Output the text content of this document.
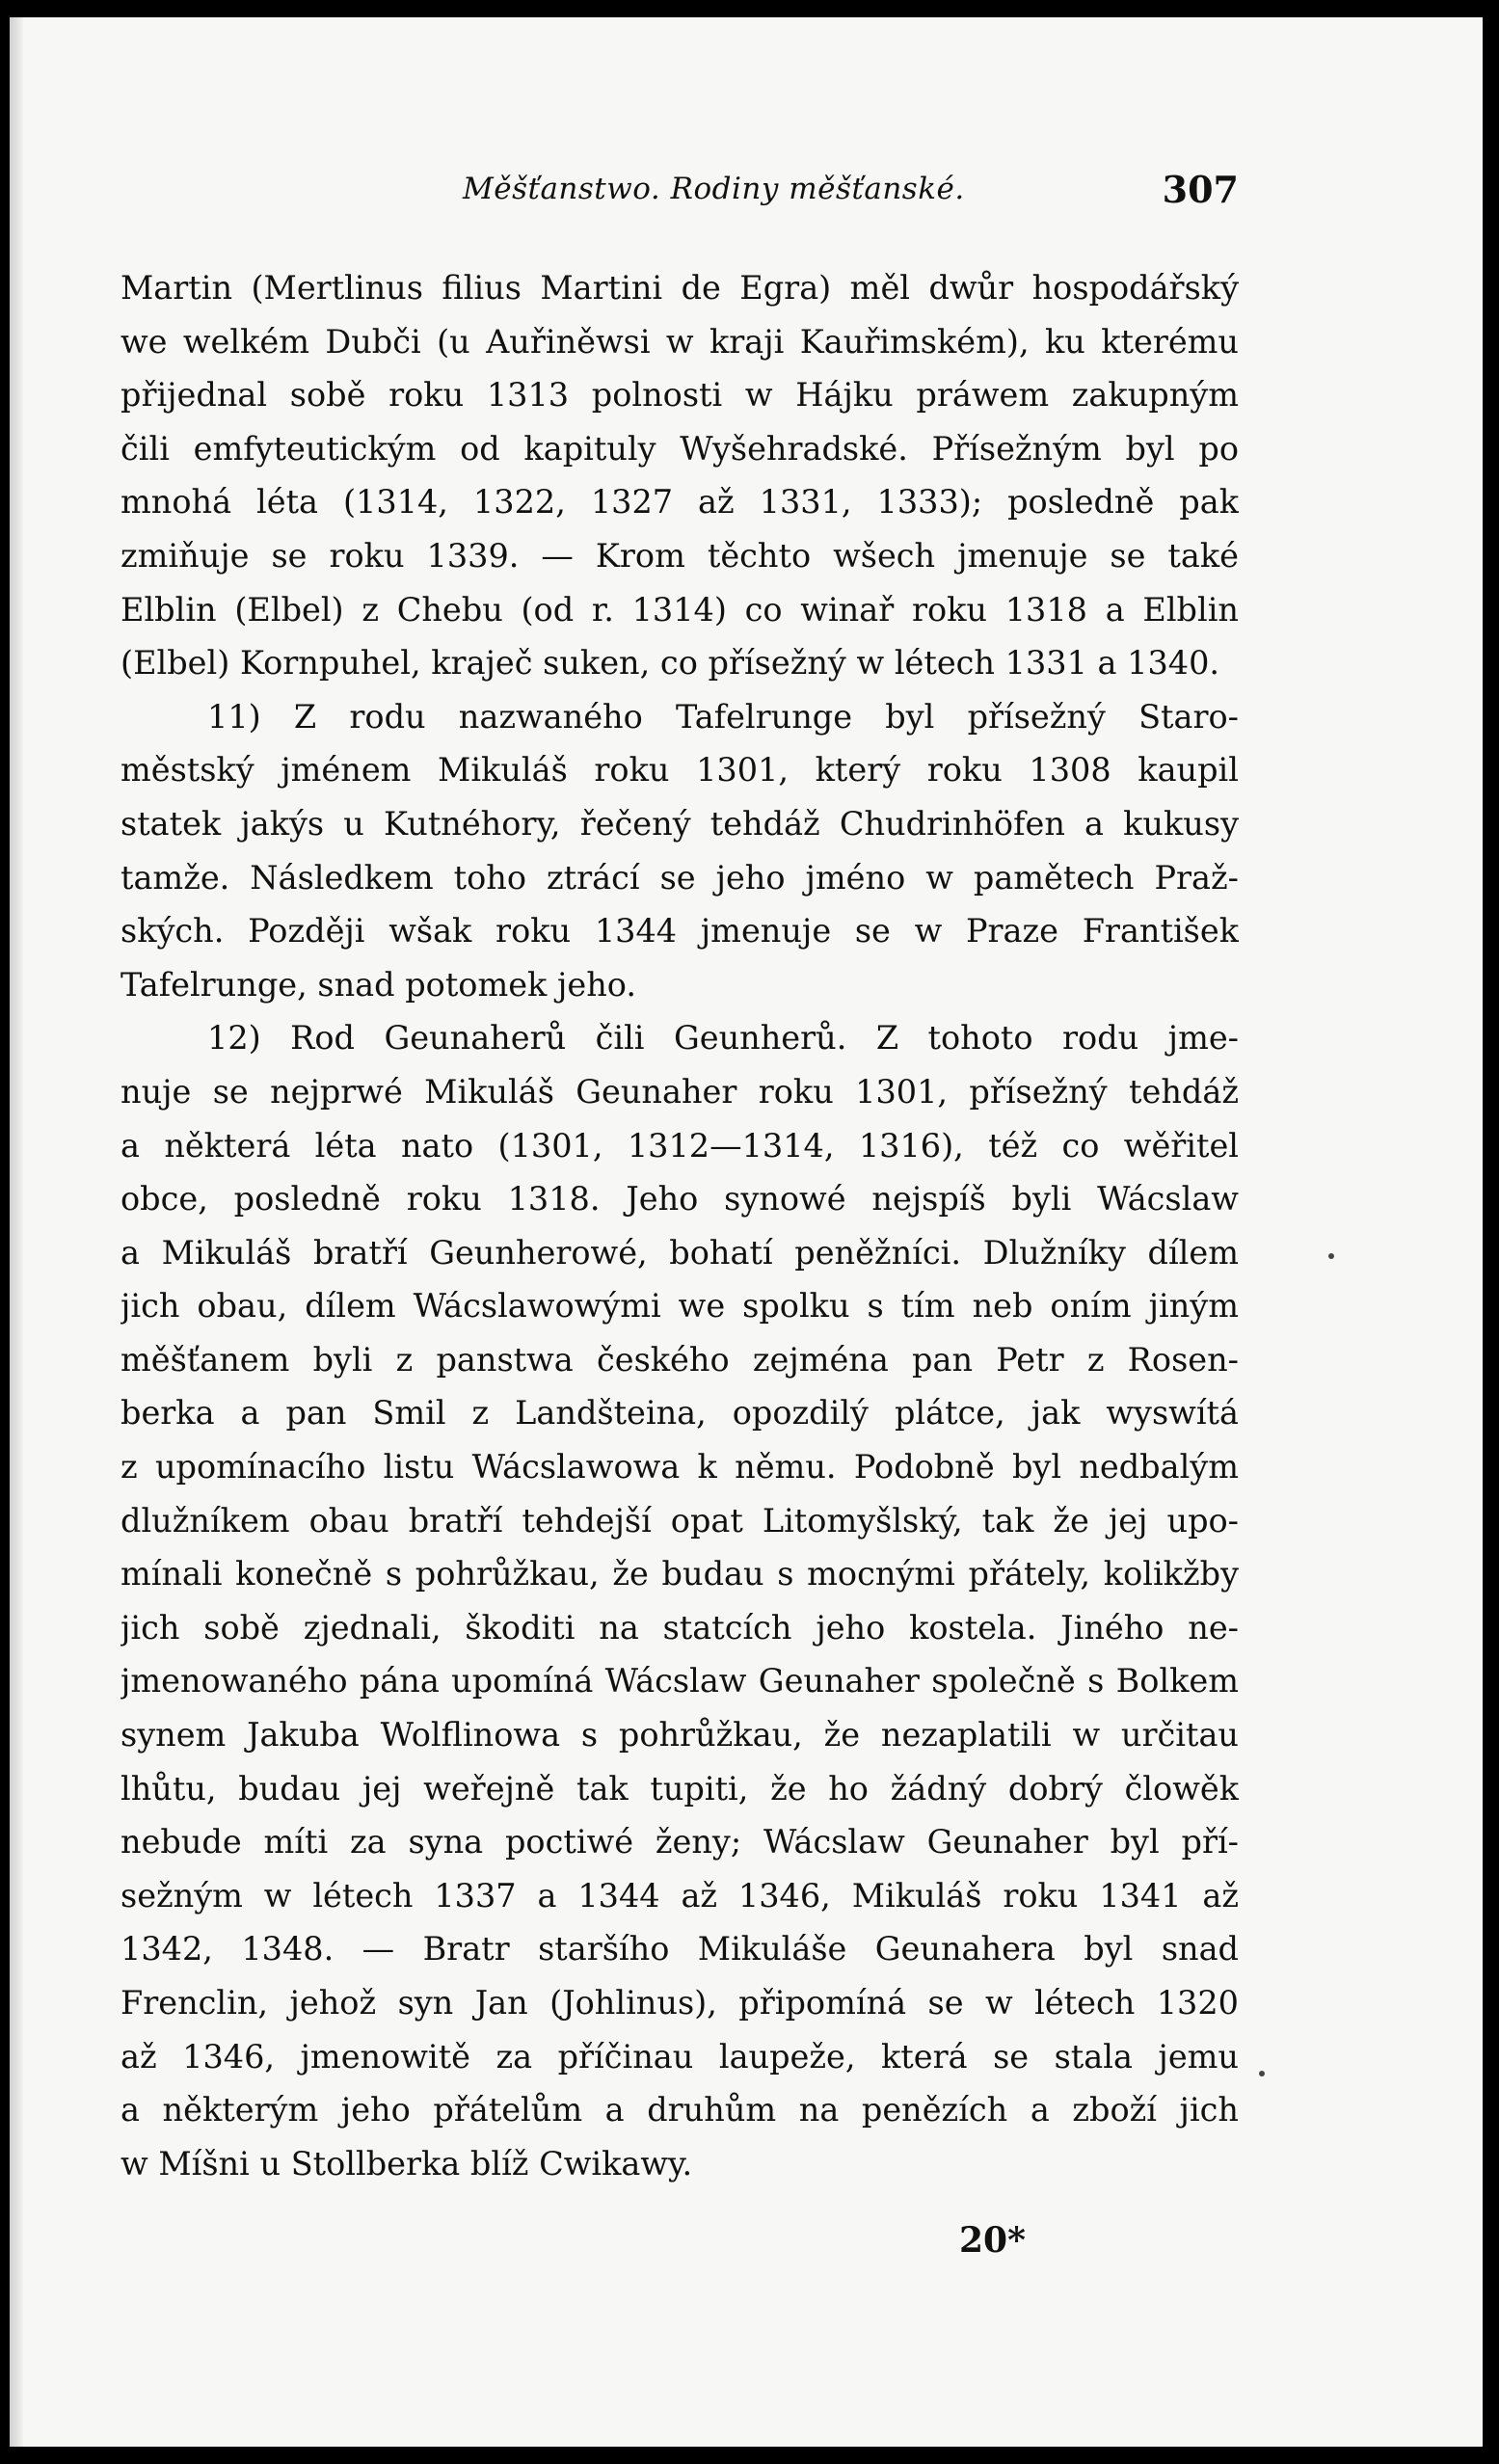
Měšťanstwo. Rodiny měšťanské.	307
Martin (Mertlinus filius Martini de Egra) měl dwůr hospodářský
we welkém Dubči (u Auřiněwsi w kraji Kauřimském), ku kterému
přijednal sobě roku 1313 polnosti w Hájku práwem zakupným
čili emfyteutickým od kapituly Wyšehradské. Přísežným byl po
mnohá léta (1314, 1322, 1327 až 1331, 1333); posledně pak
zmiňuje se roku 1339. — Krom těchto wšech jmenuje se také
Elblin (Elbel) z Chebu (od r. 1314) co winař roku 1318 a Elblin
(Elbel) Kornpuhel, kraječ suken, co přísežný w létech 1331 a 1340.
11) Z rodu nazwaného Tafelrunge byl přísežný Staro-
městský jménem Mikuláš roku 1301, který roku 1308 kaupil
statek jakýs u Kutnéhory, řečený tehdáž Chudrinhöfen a kukusy
tamže. Následkem toho ztrácí se jeho jméno w pamětech Praž-
ských. Později wšak roku 1344 jmenuje se w Praze František
Tafelrunge, snad potomek jeho.
12) Rod Geunaherů čili Geunherů. Z tohoto rodu jme-
nuje se nejprwé Mikuláš Geunaher roku 1301, přísežný tehdáž
a některá léta nato (1301, 1312—1314, 1316), též co wěřitel
obce, posledně roku 1318. Jeho synowé nejspíš byli Wácslaw
a Mikuláš bratří Geunherowé, bohatí peněžníci. Dlužníky dílem
jich obau, dílem Wácslawowými we spolku s tím neb oním jiným
měšťanem byli z panstwa českého zejména pan Petr z Rosen-
berka a pan Smil z Landšteina, opozdilý plátce, jak wyswítá
z upomínacího listu Wácslawowa k němu. Podobně byl nedbalým
dlužníkem obau bratří tehdejší opat Litomyšlský, tak že jej upo-
mínali konečně s pohrůžkau, že budau s mocnými přátely, kolikžby
jich sobě zjednali, škoditi na statcích jeho kostela. Jiného ne-
jmenowaného pána upomíná Wácslaw Geunaher společně s Bolkem
synem Jakuba Wolflinowa s pohrůžkau, že nezaplatili w určitau
lhůtu, budau jej weřejně tak tupiti, že ho žádný dobrý člowěk
nebude míti za syna poctiwé ženy; Wácslaw Geunaher byl pří-
sežným w létech 1337 a 1344 až 1346, Mikuláš roku 1341 až
1342, 1348. — Bratr staršího Mikuláše Geunahera byl snad
Frenclin, jehož syn Jan (Johlinus), připomíná se w létech 1320
až 1346, jmenowitě za příčinau laupeže, která se stala jemu
a některým jeho přátelům a druhům na penězích a zboží jich
w Míšni u Stollberka blíž Cwikawy.
20*
